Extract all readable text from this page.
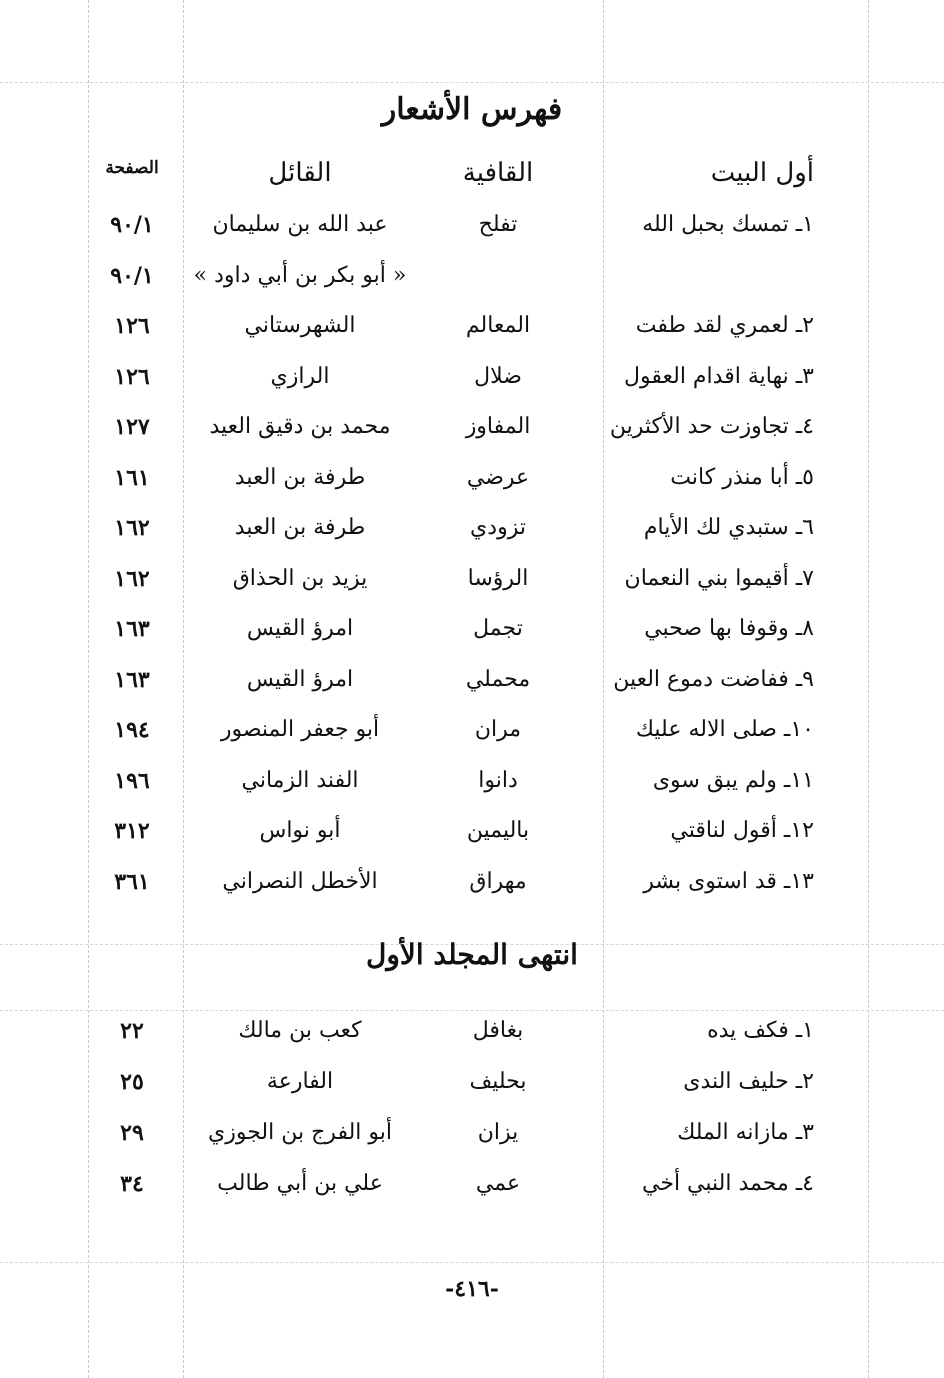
فهرس الأشعار
أول البيت
القافية
القائل
الصفحة
١ـ تمسك بحبل الله
تفلح
عبد الله بن سليمان
٩٠/١
« أبو بكر بن أبي داود »
٩٠/١
٢ـ لعمري لقد طفت
المعالم
الشهرستاني
١٢٦
٣ـ نهاية اقدام العقول
ضلال
الرازي
١٢٦
٤ـ تجاوزت حد الأكثرين
المفاوز
محمد بن دقيق العيد
١٢٧
٥ـ أبا منذر كانت
عرضي
طرفة بن العبد
١٦١
٦ـ ستبدي لك الأيام
تزودي
طرفة بن العبد
١٦٢
٧ـ أقيموا بني النعمان
الرؤسا
يزيد بن الحذاق
١٦٢
٨ـ وقوفا بها صحبي
تجمل
امرؤ القيس
١٦٣
٩ـ ففاضت دموع العين
محملي
امرؤ القيس
١٦٣
١٠ـ صلى الاله عليك
مران
أبو جعفر المنصور
١٩٤
١١ـ ولم يبق سوى
دانوا
الفند الزماني
١٩٦
١٢ـ أقول لناقتي
باليمين
أبو نواس
٣١٢
١٣ـ قد استوى بشر
مهراق
الأخطل النصراني
٣٦١
انتهى المجلد الأول
١ـ فكف يده
بغافل
كعب بن مالك
٢٢
٢ـ حليف الندى
بحليف
الفارعة
٢٥
٣ـ مازانه الملك
يزان
أبو الفرج بن الجوزي
٢٩
٤ـ محمد النبي أخي
عمي
علي بن أبي طالب
٣٤
-٤١٦-
